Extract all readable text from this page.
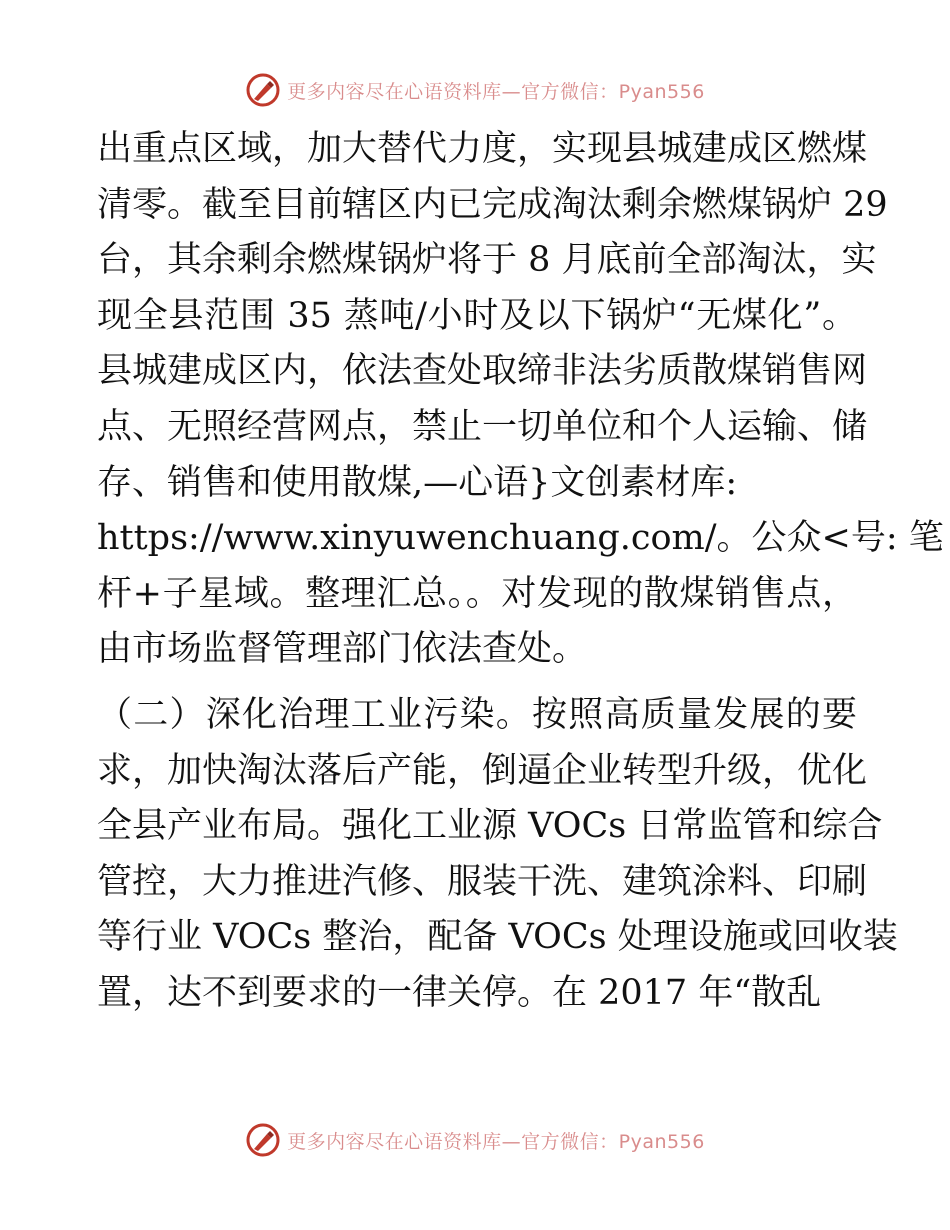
更多内容尽在心语资料库—官方微信：Pyan556
出重点区域，加大替代力度，实现县城建成区燃煤
清零。截至目前辖区内已完成淘汰剩余燃煤锅炉 29
台，其余剩余燃煤锅炉将于 8 月底前全部淘汰，实
现全县范围 35 蒸吨/小时及以下锅炉“无煤化”。
县城建成区内，依法查处取缔非法劣质散煤销售网
点、无照经营网点，禁止一切单位和个人运输、储
存、销售和使用散煤,—心语}文创素材库:
https://www.xinyuwenchuang.com/。公众<号: 笔
杆+子星域。整理汇总。。对发现的散煤销售点，
由市场监督管理部门依法查处。
（二）深化治理工业污染。按照高质量发展的要
求，加快淘汰落后产能，倒逼企业转型升级，优化
全县产业布局。强化工业源 VOCs 日常监管和综合
管控，大力推进汽修、服装干洗、建筑涂料、印刷
等行业 VOCs 整治，配备 VOCs 处理设施或回收装
置，达不到要求的一律关停。在 2017 年“散乱
更多内容尽在心语资料库—官方微信：Pyan556
